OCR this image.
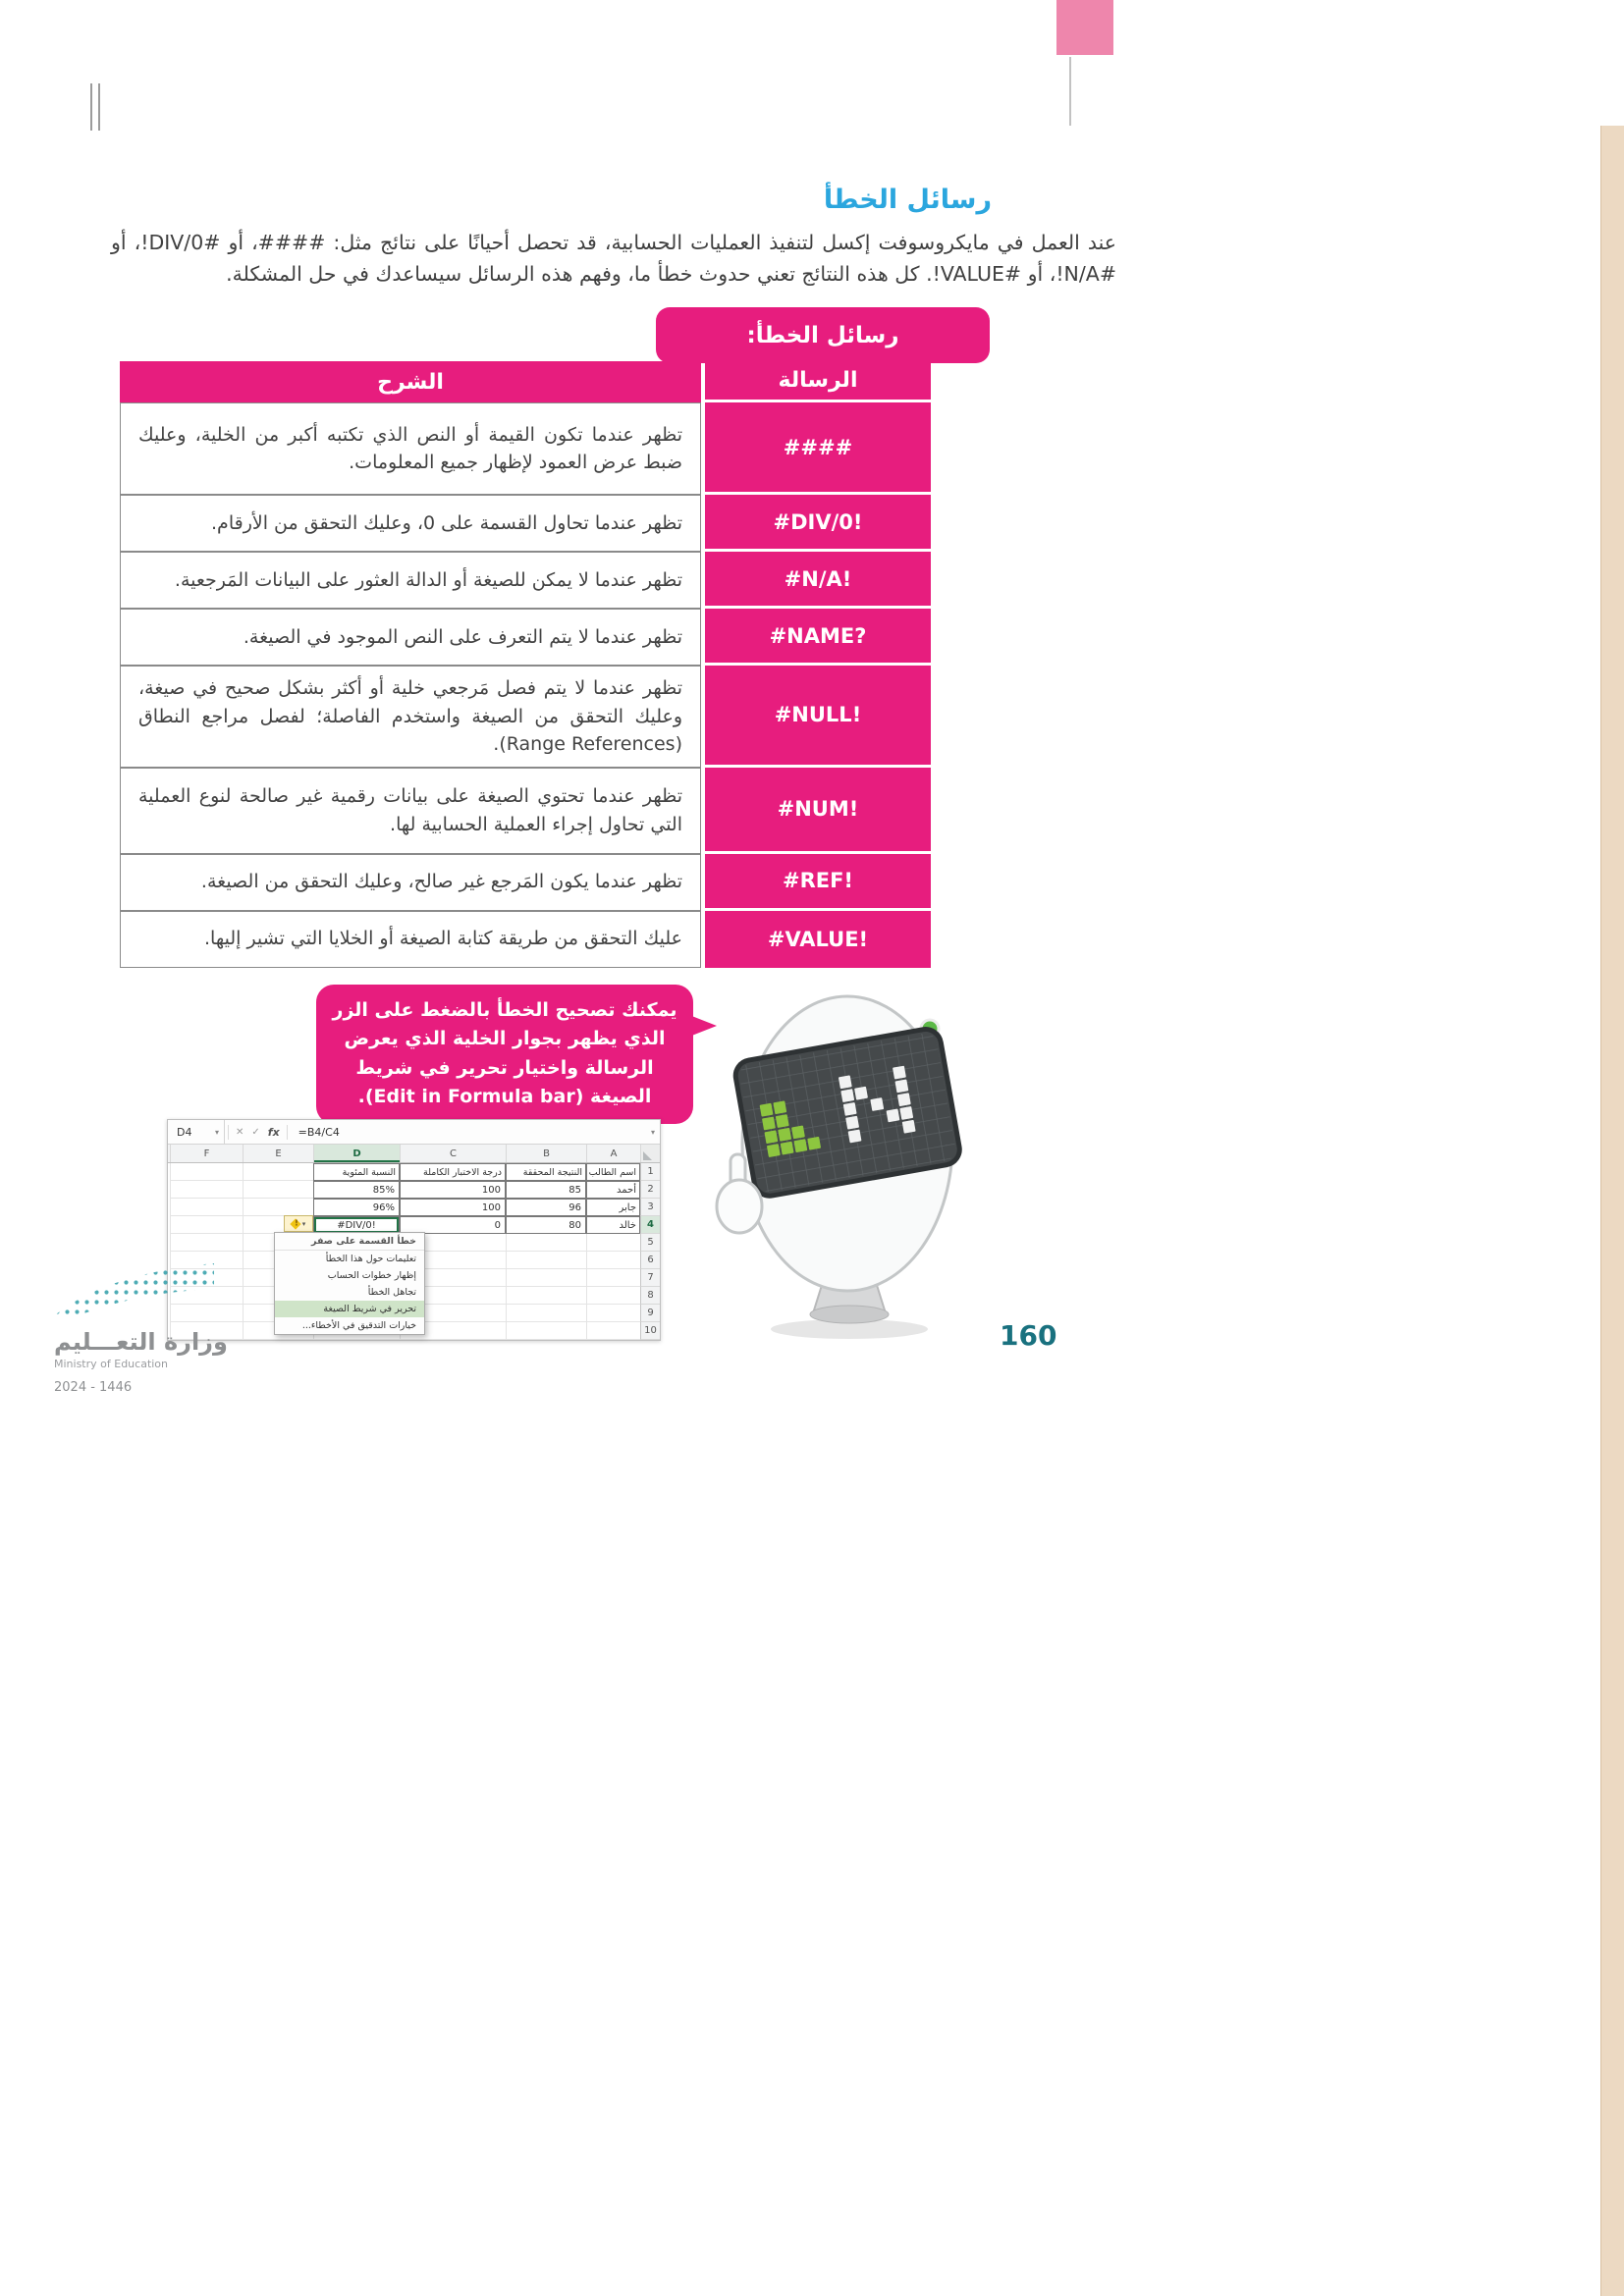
رسائل الخطأ

عند العمل في مايكروسوفت إكسل لتنفيذ العمليات الحسابية، قد تحصل أحيانًا على نتائج مثل: ####، أو #DIV/0!، أو #N/A!، أو #VALUE!. كل هذه النتائج تعني حدوث خطأ ما، وفهم هذه الرسائل سيساعدك في حل المشكلة.

رسائل الخطأ:
الرسالة
الشرح
####
تظهر عندما تكون القيمة أو النص الذي تكتبه أكبر من الخلية، وعليك ضبط عرض العمود لإظهار جميع المعلومات.
#DIV/0!
تظهر عندما تحاول القسمة على 0، وعليك التحقق من الأرقام.
#N/A!
تظهر عندما لا يمكن للصيغة أو الدالة العثور على البيانات المَرجعية.
#NAME?
تظهر عندما لا يتم التعرف على النص الموجود في الصيغة.
#NULL!
تظهر عندما لا يتم فصل مَرجعي خلية أو أكثر بشكل صحيح في صيغة، وعليك التحقق من الصيغة واستخدم الفاصلة؛ لفصل مراجع النطاق (Range References).
#NUM!
تظهر عندما تحتوي الصيغة على بيانات رقمية غير صالحة لنوع العملية التي تحاول إجراء العملية الحسابية لها.
#REF!
تظهر عندما يكون المَرجع غير صالح، وعليك التحقق من الصيغة.
#VALUE!
عليك التحقق من طريقة كتابة الصيغة أو الخلايا التي تشير إليها.
يمكنك تصحيح الخطأ بالضغط على الزر الذي يظهر بجوار الخلية الذي يعرض الرسالة واختيار تحرير في شريط الصيغة (Edit in Formula bar).
D4	▾ ✕ ✓ fx =B4/C4	▾
A
B
C
D
E
F
1
اسم الطالب
النتيجة المحققة
درجة الاختبار الكاملة
النسبة المئوية
2
أحمد
85
100
85%
3
جابر
96
100
96%
4
خالد
80
0
#DIV/0!
5
6
7
8
9
10
! ▾
خطأ القسمة على صفر
تعليمات حول هذا الخطأ
إظهار خطوات الحساب
تجاهل الخطأ
تحرير في شريط الصيغة
خيارات التدقيق في الأخطاء...
وزارة التعـــليم
Ministry of Education
2024 - 1446
160
